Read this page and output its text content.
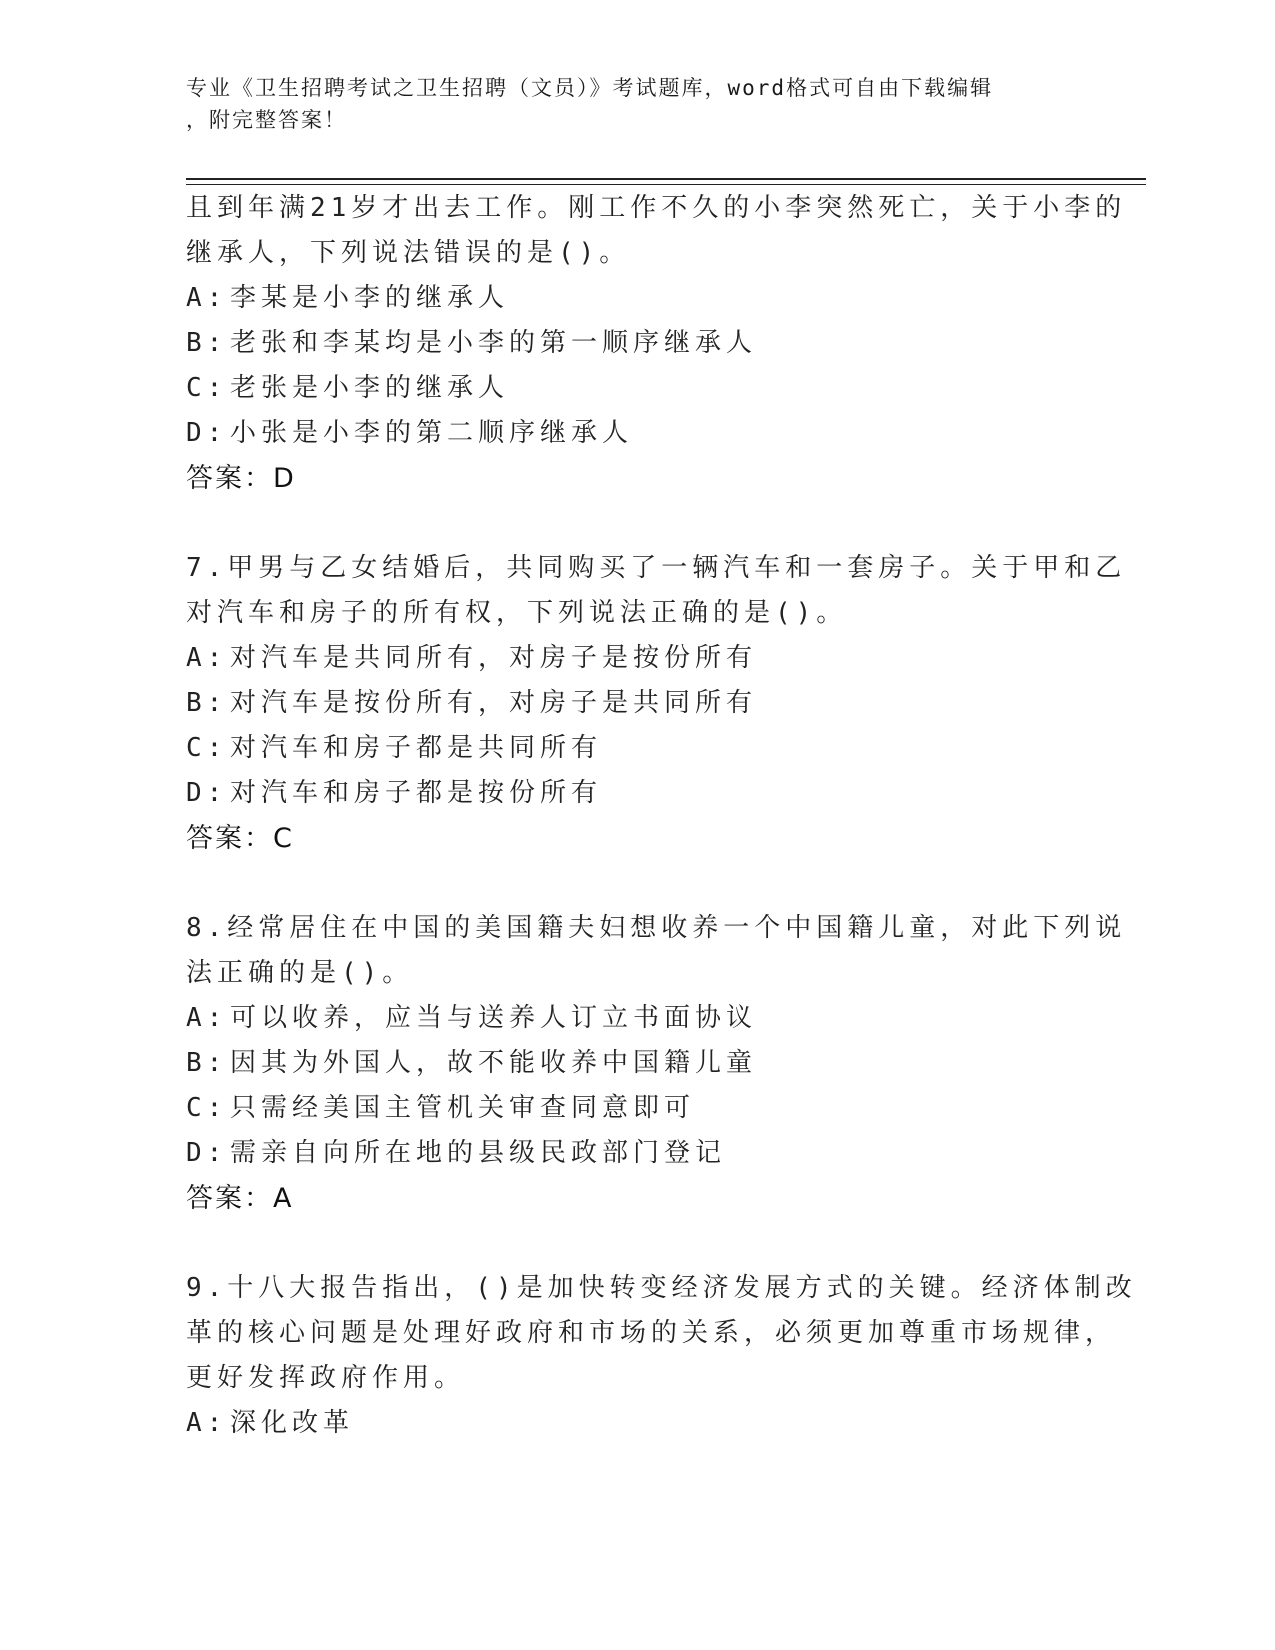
专业《卫生招聘考试之卫生招聘（文员）》考试题库，word格式可自由下载编辑
，附完整答案！
且到年满21岁才出去工作。刚工作不久的小李突然死亡，关于小李的
继承人，下列说法错误的是()。
A: 李某是小李的继承人
B: 老张和李某均是小李的第一顺序继承人
C: 老张是小李的继承人
D: 小张是小李的第二顺序继承人
答案：D
7.甲男与乙女结婚后，共同购买了一辆汽车和一套房子。关于甲和乙
对汽车和房子的所有权，下列说法正确的是()。
A: 对汽车是共同所有，对房子是按份所有
B: 对汽车是按份所有，对房子是共同所有
C: 对汽车和房子都是共同所有
D: 对汽车和房子都是按份所有
答案：C
8.经常居住在中国的美国籍夫妇想收养一个中国籍儿童，对此下列说
法正确的是()。
A: 可以收养，应当与送养人订立书面协议
B: 因其为外国人，故不能收养中国籍儿童
C: 只需经美国主管机关审查同意即可
D: 需亲自向所在地的县级民政部门登记
答案：A
9.十八大报告指出，()是加快转变经济发展方式的关键。经济体制改
革的核心问题是处理好政府和市场的关系，必须更加尊重市场规律，
更好发挥政府作用。
A: 深化改革
